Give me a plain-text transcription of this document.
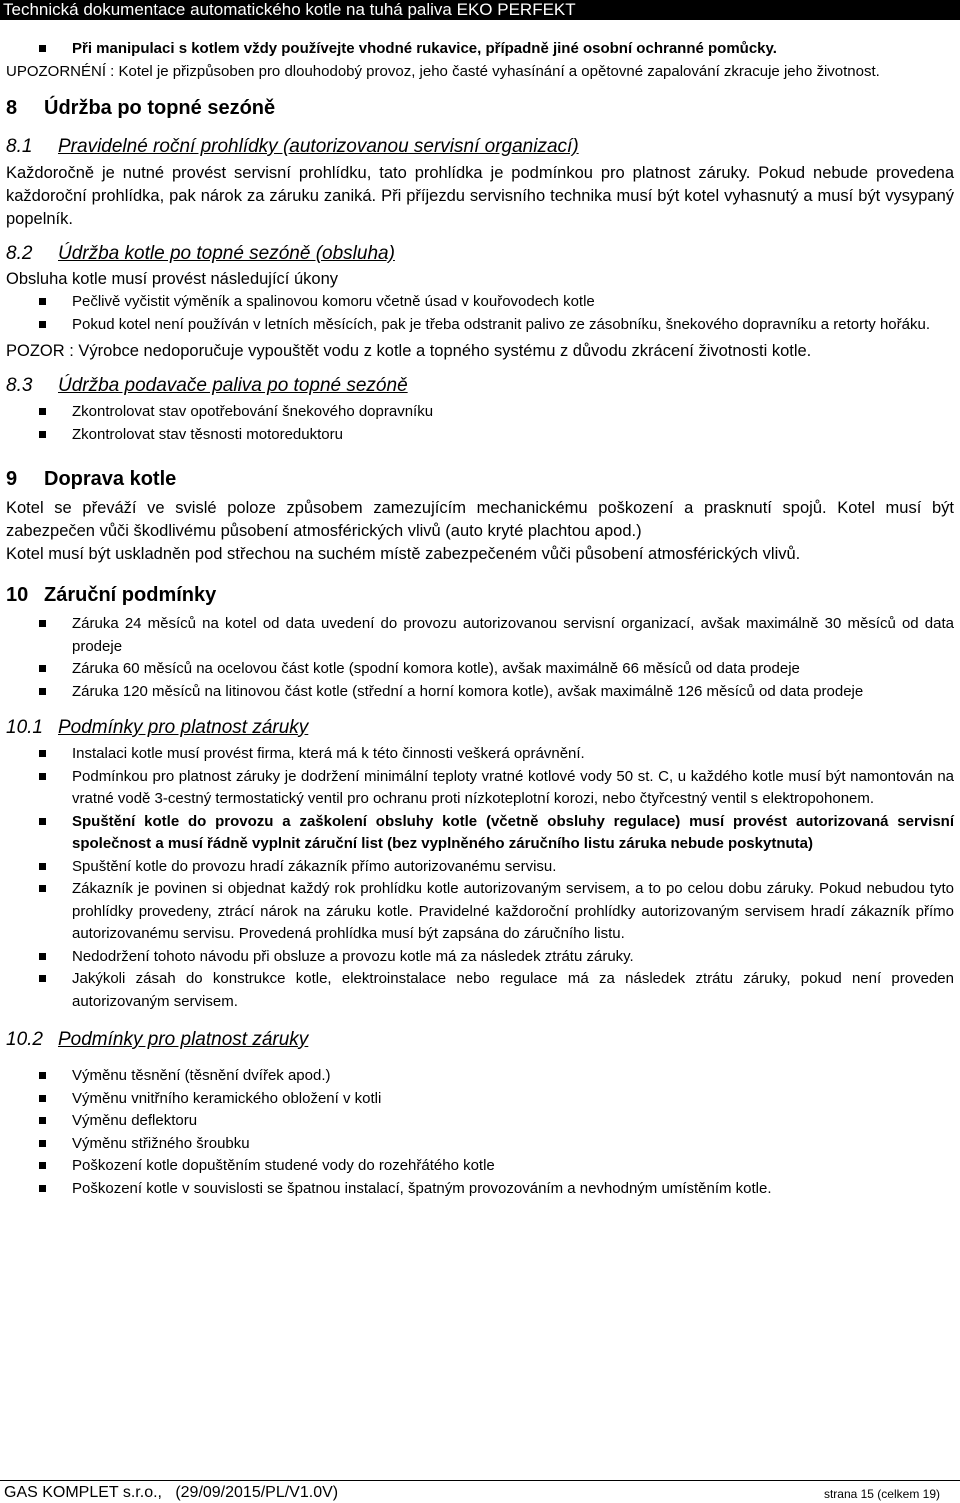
Technická dokumentace automatického kotle na tuhá paliva EKO PERFEKT

Při manipulaci s kotlem vždy používejte vhodné rukavice, případně jiné osobní ochranné pomůcky.

UPOZORNÉNÍ : Kotel je přizpůsoben pro dlouhodobý provoz, jeho časté vyhasínání a opětovné zapalování zkracuje jeho životnost.

8 Údržba po topné sezóně

8.1 Pravidelné roční prohlídky (autorizovanou servisní organizací)

Každoročně je nutné provést servisní prohlídku, tato prohlídka je podmínkou pro platnost záruky. Pokud nebude provedena každoroční prohlídka, pak nárok za záruku zaniká. Při příjezdu servisního technika musí být kotel vyhasnutý a musí být vysypaný popelník.

8.2 Údržba kotle po topné sezóně (obsluha)

Obsluha kotle musí provést následující úkony

Pečlivě vyčistit výměník a spalinovou komoru včetně úsad v kouřovodech kotle

Pokud kotel není používán v letních měsících, pak je třeba odstranit palivo ze zásobníku, šnekového dopravníku a retorty hořáku.

POZOR : Výrobce nedoporučuje vypouštět vodu z kotle a topného systému z důvodu zkrácení životnosti kotle.

8.3 Údržba podavače paliva po topné sezóně

Zkontrolovat stav opotřebování šnekového dopravníku

Zkontrolovat stav těsnosti motoreduktoru

9 Doprava kotle

Kotel se převáží ve svislé poloze způsobem zamezujícím mechanickému poškození a prasknutí spojů. Kotel musí být zabezpečen vůči škodlivému působení atmosférických vlivů (auto kryté plachtou apod.)

Kotel musí být uskladněn pod střechou na suchém místě zabezpečeném vůči působení atmosférických vlivů.

10 Záruční podmínky

Záruka 24 měsíců na kotel od data uvedení do provozu autorizovanou servisní organizací, avšak maximálně 30 měsíců od data prodeje

Záruka 60 měsíců na ocelovou část kotle (spodní komora kotle), avšak maximálně 66 měsíců od data prodeje

Záruka 120 měsíců na litinovou část kotle (střední a horní komora kotle), avšak maximálně 126 měsíců od data prodeje

10.1 Podmínky pro platnost záruky

Instalaci kotle musí provést firma, která má k této činnosti veškerá oprávnění.

Podmínkou pro platnost záruky je dodržení minimální teploty vratné kotlové vody 50 st. C, u každého kotle musí být namontován na vratné vodě 3-cestný termostatický ventil pro ochranu proti nízkoteplotní korozi, nebo čtyřcestný ventil s elektropohonem.

Spuštění kotle do provozu a zaškolení obsluhy kotle (včetně obsluhy regulace) musí provést autorizovaná servisní společnost a musí řádně vyplnit záruční list (bez vyplněného záručního listu záruka nebude poskytnuta)

Spuštění kotle do provozu hradí zákazník přímo autorizovanému servisu.

Zákazník je povinen si objednat každý rok prohlídku kotle autorizovaným servisem, a to po celou dobu záruky. Pokud nebudou tyto prohlídky provedeny, ztrácí nárok na záruku kotle. Pravidelné každoroční prohlídky autorizovaným servisem hradí zákazník přímo autorizovanému servisu. Provedená prohlídka musí být zapsána do záručního listu.

Nedodržení tohoto návodu při obsluze a provozu kotle má za následek ztrátu záruky.

Jakýkoli zásah do konstrukce kotle, elektroinstalace nebo regulace má za následek ztrátu záruky, pokud není proveden autorizovaným servisem.

10.2 Podmínky pro platnost záruky

Výměnu těsnění (těsnění dvířek apod.)

Výměnu vnitřního keramického obložení v kotli

Výměnu deflektoru

Výměnu střižného šroubku

Poškození kotle dopuštěním studené vody do rozehřátého kotle

Poškození kotle v souvislosti se špatnou instalací, špatným provozováním a nevhodným umístěním kotle.

GAS KOMPLET s.r.o.,   (29/09/2015/PL/V1.0V)	strana 15 (celkem 19)
